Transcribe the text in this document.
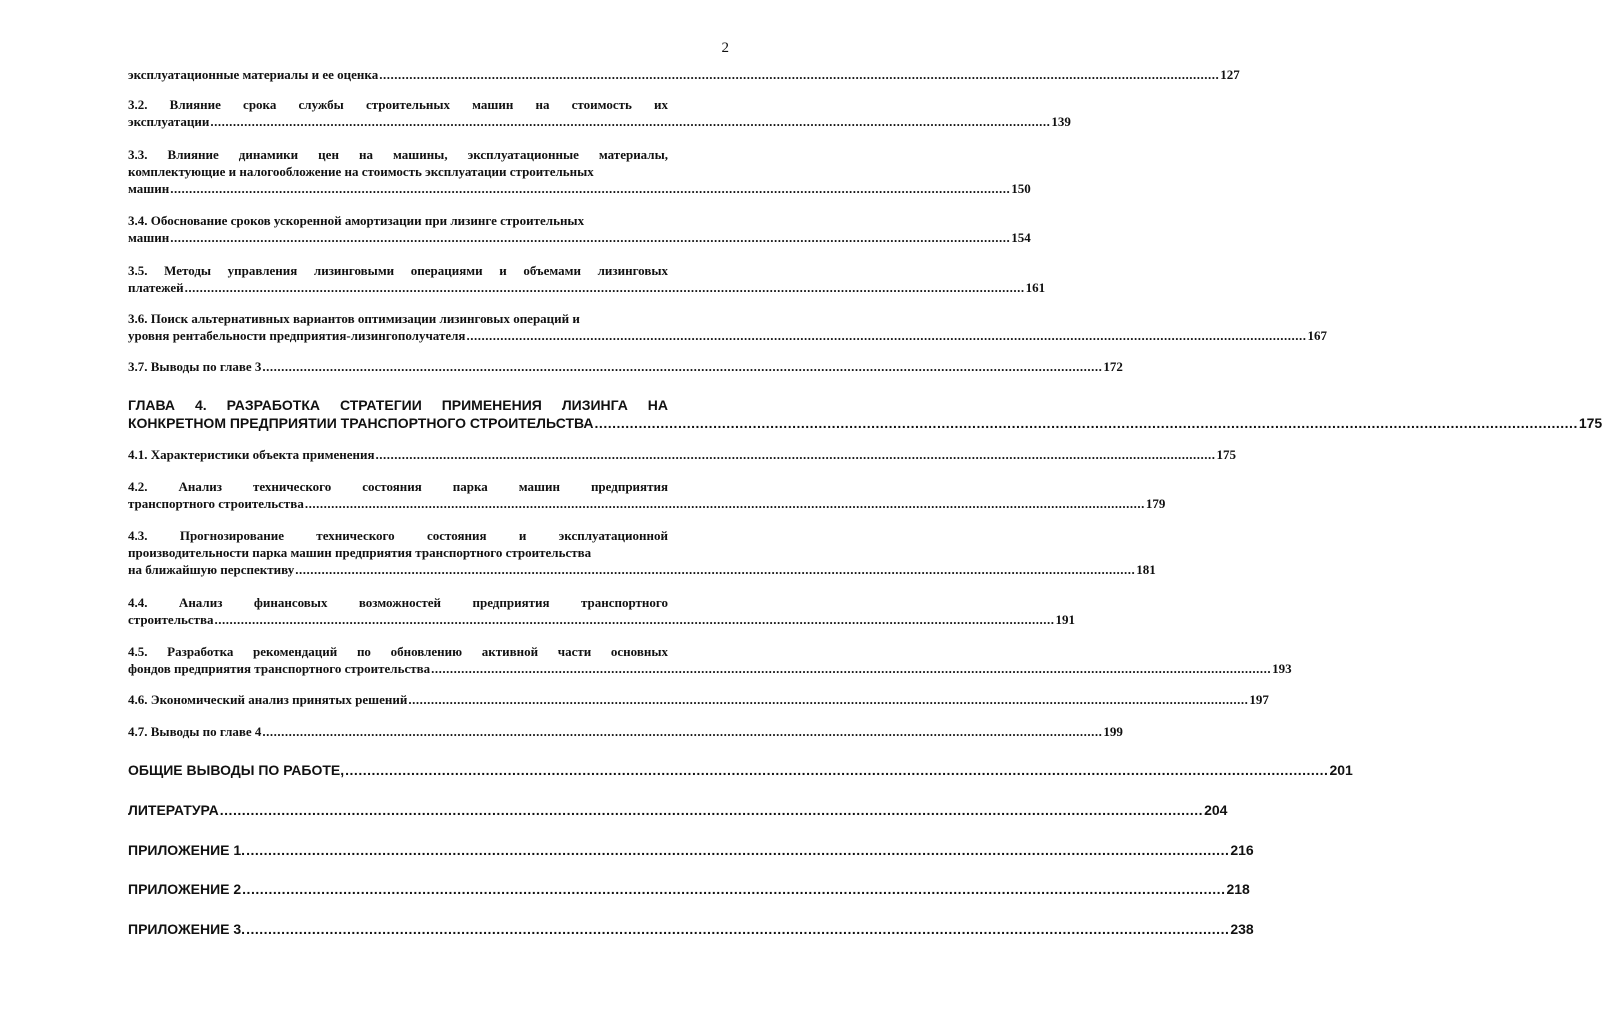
2
эксплуатационные материалы и ее оценка .....	127
3.2. Влияние срока службы строительных машин на стоимость их
эксплуатации .....	139
3.3. Влияние динамики цен на машины, эксплуатационные материалы,
комплектующие и налогообложение на стоимость эксплуатации строительных
машин .....	150
3.4. Обоснование сроков ускоренной амортизации при лизинге строительных
машин .....	154
3.5. Методы управления лизинговыми операциями и объемами лизинговых
платежей .....	161
3.6. Поиск альтернативных вариантов оптимизации лизинговых операций и
уровня рентабельности предприятия-лизингополучателя .....	167
3.7. Выводы по главе 3 .....	172
ГЛАВА 4. РАЗРАБОТКА СТРАТЕГИИ ПРИМЕНЕНИЯ ЛИЗИНГА НА
КОНКРЕТНОМ ПРЕДПРИЯТИИ ТРАНСПОРТНОГО СТРОИТЕЛЬСТВА .....	175
4.1. Характеристики объекта применения .....	175
4.2. Анализ технического состояния парка машин предприятия
транспортного строительства .....	179
4.3. Прогнозирование технического состояния и эксплуатационной
производительности парка машин предприятия транспортного строительства
на ближайшую перспективу .....	181
4.4. Анализ финансовых возможностей предприятия транспортного
строительства .....	191
4.5. Разработка рекомендаций по обновлению активной части основных
фондов предприятия транспортного строительства .....	193
4.6. Экономический анализ принятых решений .....	197
4.7. Выводы по главе 4 .....	199
ОБЩИЕ ВЫВОДЫ ПО РАБОТЕ, .....	201
ЛИТЕРАТУРА .....	204
ПРИЛОЖЕНИЕ 1. .....	216
ПРИЛОЖЕНИЕ 2 .....	218
ПРИЛОЖЕНИЕ 3. .....	238
